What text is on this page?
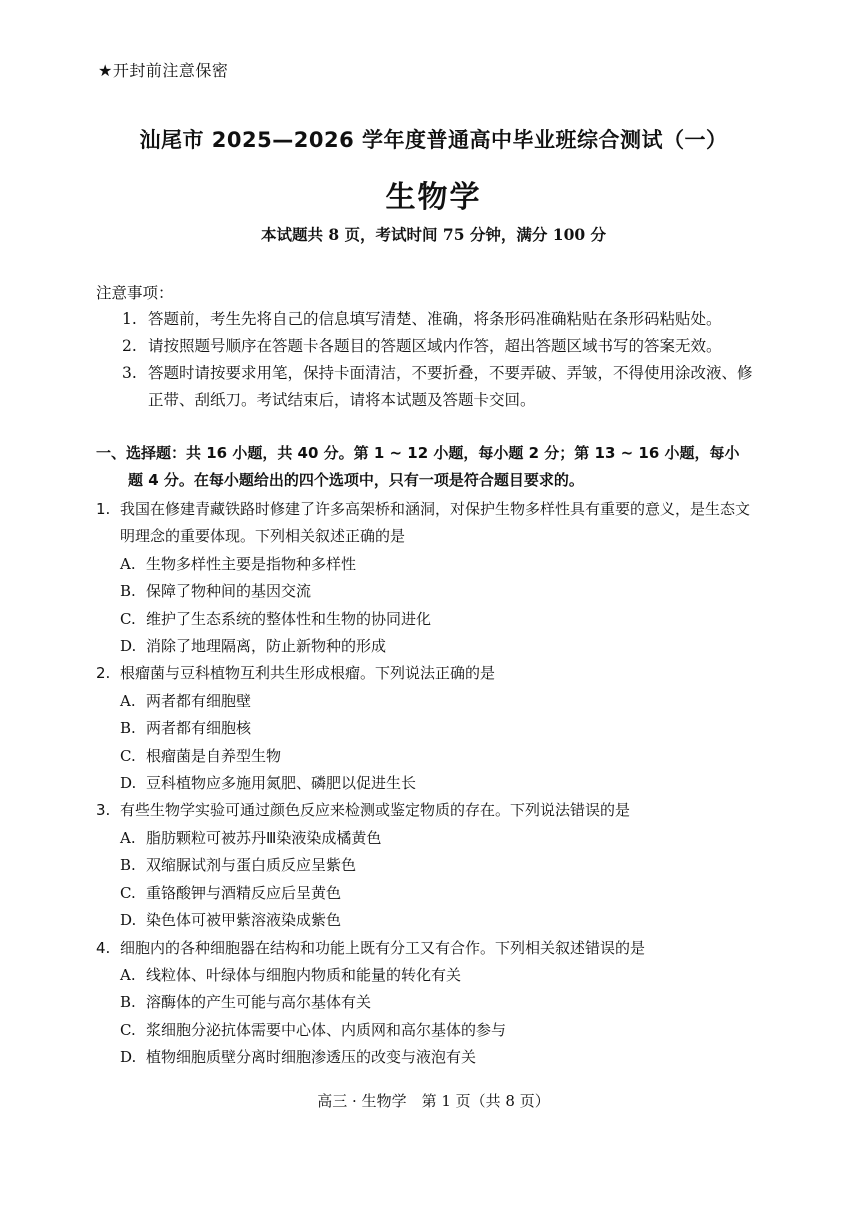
★开封前注意保密
汕尾市 2025—2026 学年度普通高中毕业班综合测试（一）
生物学
本试题共 8 页，考试时间 75 分钟，满分 100 分
注意事项：
1. 答题前，考生先将自己的信息填写清楚、准确，将条形码准确粘贴在条形码粘贴处。
2. 请按照题号顺序在答题卡各题目的答题区域内作答，超出答题区域书写的答案无效。
3. 答题时请按要求用笔，保持卡面清洁，不要折叠，不要弄破、弄皱，不得使用涂改液、修正带、刮纸刀。考试结束后，请将本试题及答题卡交回。
一、选择题：共 16 小题，共 40 分。第 1 ~ 12 小题，每小题 2 分；第 13 ~ 16 小题，每小
题 4 分。在每小题给出的四个选项中，只有一项是符合题目要求的。
1. 我国在修建青藏铁路时修建了许多高架桥和涵洞，对保护生物多样性具有重要的意义，是生态文明理念的重要体现。下列相关叙述正确的是
A. 生物多样性主要是指物种多样性
B. 保障了物种间的基因交流
C. 维护了生态系统的整体性和生物的协同进化
D. 消除了地理隔离，防止新物种的形成
2. 根瘤菌与豆科植物互利共生形成根瘤。下列说法正确的是
A. 两者都有细胞壁
B. 两者都有细胞核
C. 根瘤菌是自养型生物
D. 豆科植物应多施用氮肥、磷肥以促进生长
3. 有些生物学实验可通过颜色反应来检测或鉴定物质的存在。下列说法错误的是
A. 脂肪颗粒可被苏丹Ⅲ染液染成橘黄色
B. 双缩脲试剂与蛋白质反应呈紫色
C. 重铬酸钾与酒精反应后呈黄色
D. 染色体可被甲紫溶液染成紫色
4. 细胞内的各种细胞器在结构和功能上既有分工又有合作。下列相关叙述错误的是
A. 线粒体、叶绿体与细胞内物质和能量的转化有关
B. 溶酶体的产生可能与高尔基体有关
C. 浆细胞分泌抗体需要中心体、内质网和高尔基体的参与
D. 植物细胞质壁分离时细胞渗透压的改变与液泡有关
高三 · 生物学　第 1 页（共 8 页）
